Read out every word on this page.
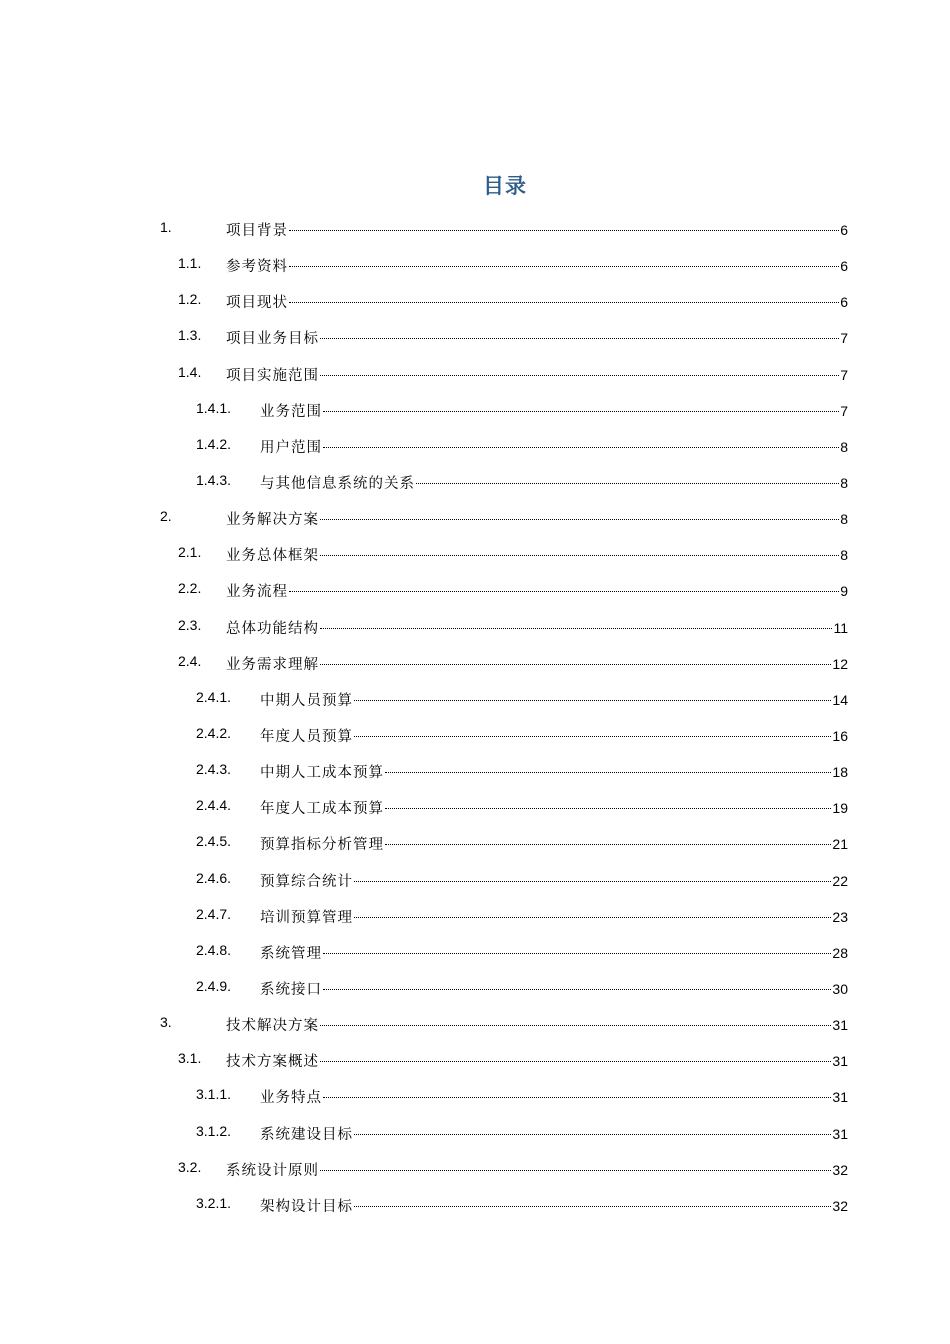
目录
1.	项目背景	6
1.1. 参考资料	6
1.2. 项目现状	6
1.3. 项目业务目标	7
1.4. 项目实施范围	7
1.4.1. 业务范围	7
1.4.2. 用户范围	8
1.4.3. 与其他信息系统的关系	8
2.	业务解决方案	8
2.1. 业务总体框架	8
2.2. 业务流程	9
2.3. 总体功能结构	11
2.4. 业务需求理解	12
2.4.1. 中期人员预算	14
2.4.2. 年度人员预算	16
2.4.3. 中期人工成本预算	18
2.4.4. 年度人工成本预算	19
2.4.5. 预算指标分析管理	21
2.4.6. 预算综合统计	22
2.4.7. 培训预算管理	23
2.4.8. 系统管理	28
2.4.9. 系统接口	30
3.	技术解决方案	31
3.1. 技术方案概述	31
3.1.1. 业务特点	31
3.1.2. 系统建设目标	31
3.2. 系统设计原则	32
3.2.1. 架构设计目标	32
